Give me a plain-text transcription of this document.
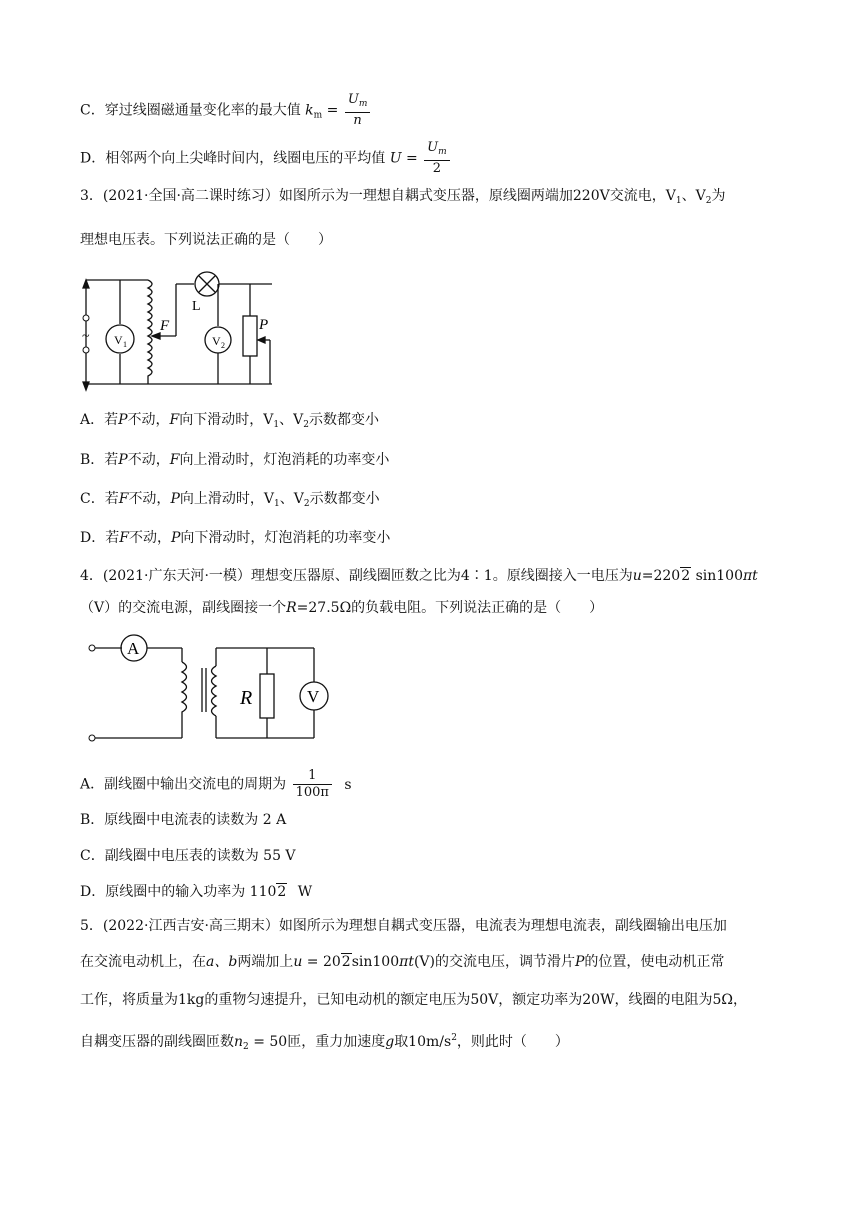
C．穿过线圈磁通量变化率的最大值 $k_m = \frac{U_m}{n}$
D．相邻两个向上尖峰时间内，线圈电压的平均值 $U = \frac{U_m}{2}$
3．(2021·全国·高二课时练习）如图所示为一理想自耦式变压器，原线圈两端加220V交流电，$V_1$、$V_2$为
理想电压表。下列说法正确的是（　　）
~ V 1	V 2
L
F	P
A．若P不动，F向下滑动时，$V_1$、$V_2$示数都变小
B．若P不动，F向上滑动时，灯泡消耗的功率变小
C．若F不动，P向上滑动时，$V_1$、$V_2$示数都变小
D．若F不动，P向下滑动时，灯泡消耗的功率变小
4．(2021·广东天河·一模）理想变压器原、副线圈匝数之比为4∶1。原线圈接入一电压为u=2202 sin100πt
（V）的交流电源，副线圈接一个R=27.5Ω的负载电阻。下列说法正确的是（　　）
A
R	V
A．副线圈中输出交流电的周期为 $\frac{1}{100\pi}$ s
B．原线圈中电流表的读数为 2 A
C．副线圈中电压表的读数为 55 V
D．原线圈中的输入功率为 1102 W
5．(2022·江西吉安·高三期末）如图所示为理想自耦式变压器，电流表为理想电流表，副线圈输出电压加
在交流电动机上，在a、b两端加上u = 202sin100πt(V)的交流电压，调节滑片P的位置，使电动机正常
工作，将质量为1kg的重物匀速提升，已知电动机的额定电压为50V，额定功率为20W，线圈的电阻为5Ω，
自耦变压器的副线圈匝数$n_2 = 50$匝，重力加速度g取$10m/s^2$，则此时（　　）
